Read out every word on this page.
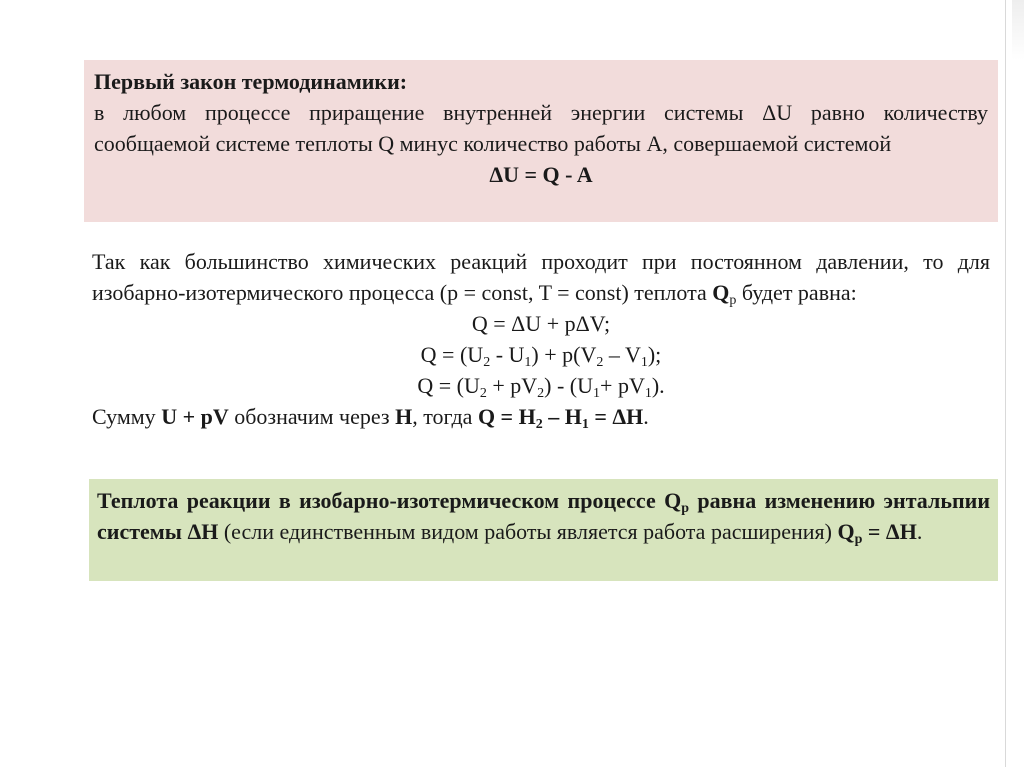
Первый закон термодинамики:

в любом процессе приращение внутренней энергии системы ΔU равно количеству сообщаемой системе теплоты Q минус количество работы А, совершаемой системой

ΔU = Q - A

Так как большинство химических реакций проходит при постоянном давлении, то для изобарно-изотермического процесса (p = const, T = const) теплота $Q_p$ будет равна:

Q = ΔU + pΔV;

$Q = (U_2 - U_1) + p(V_2 - V_1)$;

$Q = (U_2 + pV_2) - (U_1+ pV_1)$.

Сумму U + pV обозначим через H, тогда $Q = H_2 - H_1 = \Delta H$.

Теплота реакции в изобарно-изотермическом процессе $Q_р$ равна изменению энтальпии системы ΔH (если единственным видом работы является работа расширения) $Q_p = \Delta H$.
